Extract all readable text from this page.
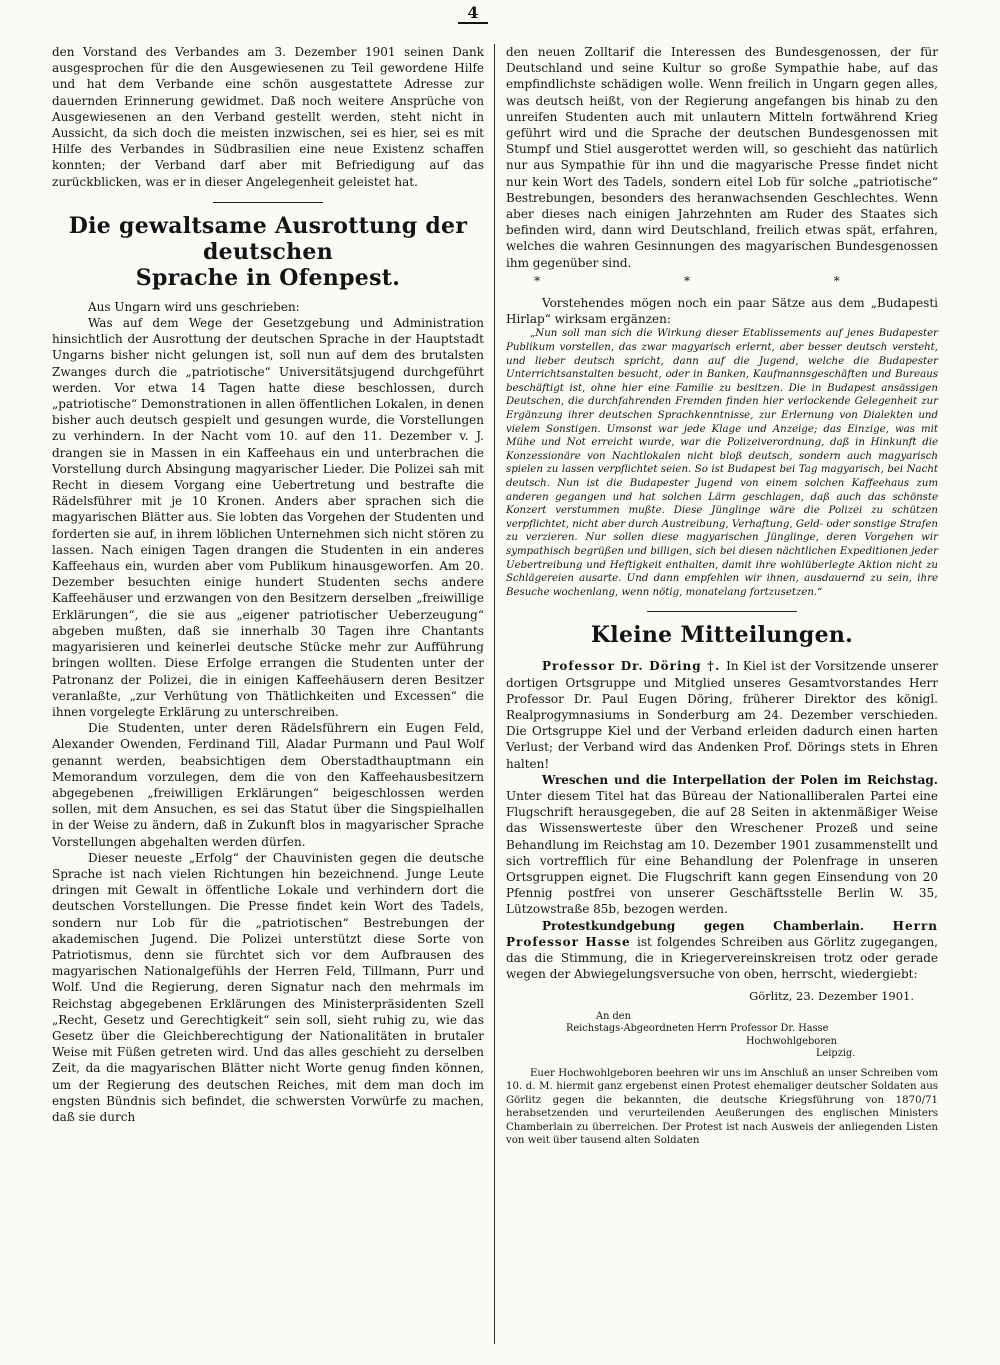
4

den Vorstand des Verbandes am 3. Dezember 1901 seinen Dank ausgesprochen für die den Ausgewiesenen zu Teil gewordene Hilfe und hat dem Verbande eine schön ausgestattete Adresse zur dauernden Erinnerung gewidmet. Daß noch weitere Ansprüche von Ausgewiesenen an den Verband gestellt werden, steht nicht in Aussicht, da sich doch die meisten inzwischen, sei es hier, sei es mit Hilfe des Verbandes in Südbrasilien eine neue Existenz schaffen konnten; der Verband darf aber mit Befriedigung auf das zurückblicken, was er in dieser Angelegenheit geleistet hat.

Die gewaltsame Ausrottung der deutschen
Sprache in Ofenpest.

Aus Ungarn wird uns geschrieben:

Was auf dem Wege der Gesetzgebung und Administration hinsichtlich der Ausrottung der deutschen Sprache in der Hauptstadt Ungarns bisher nicht gelungen ist, soll nun auf dem des brutalsten Zwanges durch die „patriotische“ Universitätsjugend durchgeführt werden. Vor etwa 14 Tagen hatte diese beschlossen, durch „patriotische“ Demonstrationen in allen öffentlichen Lokalen, in denen bisher auch deutsch gespielt und gesungen wurde, die Vorstellungen zu verhindern. In der Nacht vom 10. auf den 11. Dezember v. J. drangen sie in Massen in ein Kaffeehaus ein und unterbrachen die Vorstellung durch Absingung magyarischer Lieder. Die Polizei sah mit Recht in diesem Vorgang eine Uebertretung und bestrafte die Rädelsführer mit je 10 Kronen. Anders aber sprachen sich die magyarischen Blätter aus. Sie lobten das Vorgehen der Studenten und forderten sie auf, in ihrem löblichen Unternehmen sich nicht stören zu lassen. Nach einigen Tagen drangen die Studenten in ein anderes Kaffeehaus ein, wurden aber vom Publikum hinausgeworfen. Am 20. Dezember besuchten einige hundert Studenten sechs andere Kaffeehäuser und erzwangen von den Besitzern derselben „freiwillige Erklärungen“, die sie aus „eigener patriotischer Ueberzeugung“ abgeben mußten, daß sie innerhalb 30 Tagen ihre Chantants magyarisieren und keinerlei deutsche Stücke mehr zur Aufführung bringen wollten. Diese Erfolge errangen die Studenten unter der Patronanz der Polizei, die in einigen Kaffeehäusern deren Besitzer veranlaßte, „zur Verhütung von Thätlichkeiten und Excessen“ die ihnen vorgelegte Erklärung zu unterschreiben.

Die Studenten, unter deren Rädelsführern ein Eugen Feld, Alexander Owenden, Ferdinand Till, Aladar Purmann und Paul Wolf genannt werden, beabsichtigen dem Oberstadthauptmann ein Memorandum vorzulegen, dem die von den Kaffeehausbesitzern abgegebenen „freiwilligen Erklärungen“ beigeschlossen werden sollen, mit dem Ansuchen, es sei das Statut über die Singspielhallen in der Weise zu ändern, daß in Zukunft blos in magyarischer Sprache Vorstellungen abgehalten werden dürfen.

Dieser neueste „Erfolg“ der Chauvinisten gegen die deutsche Sprache ist nach vielen Richtungen hin bezeichnend. Junge Leute dringen mit Gewalt in öffentliche Lokale und verhindern dort die deutschen Vorstellungen. Die Presse findet kein Wort des Tadels, sondern nur Lob für die „patriotischen“ Bestrebungen der akademischen Jugend. Die Polizei unterstützt diese Sorte von Patriotismus, denn sie fürchtet sich vor dem Aufbrausen des magyarischen Nationalgefühls der Herren Feld, Tillmann, Purr und Wolf. Und die Regierung, deren Signatur nach den mehrmals im Reichstag abgegebenen Erklärungen des Ministerpräsidenten Szell „Recht, Gesetz und Gerechtigkeit“ sein soll, sieht ruhig zu, wie das Gesetz über die Gleichberechtigung der Nationalitäten in brutaler Weise mit Füßen getreten wird. Und das alles geschieht zu derselben Zeit, da die magyarischen Blätter nicht Worte genug finden können, um der Regierung des deutschen Reiches, mit dem man doch im engsten Bündnis sich befindet, die schwersten Vorwürfe zu machen, daß sie durch

den neuen Zolltarif die Interessen des Bundesgenossen, der für Deutschland und seine Kultur so große Sympathie habe, auf das empfindlichste schädigen wolle. Wenn freilich in Ungarn gegen alles, was deutsch heißt, von der Regierung angefangen bis hinab zu den unreifen Studenten auch mit unlautern Mitteln fortwährend Krieg geführt wird und die Sprache der deutschen Bundesgenossen mit Stumpf und Stiel ausgerottet werden will, so geschieht das natürlich nur aus Sympathie für ihn und die magyarische Presse findet nicht nur kein Wort des Tadels, sondern eitel Lob für solche „patriotische“ Bestrebungen, besonders des heranwachsenden Geschlechtes. Wenn aber dieses nach einigen Jahrzehnten am Ruder des Staates sich befinden wird, dann wird Deutschland, freilich etwas spät, erfahren, welches die wahren Gesinnungen des magyarischen Bundesgenossen ihm gegenüber sind.

* * *

Vorstehendes mögen noch ein paar Sätze aus dem „Budapesti Hirlap“ wirksam ergänzen:

„Nun soll man sich die Wirkung dieser Etablissements auf jenes Budapester Publikum vorstellen, das zwar magyarisch erlernt, aber besser deutsch versteht, und lieber deutsch spricht, dann auf die Jugend, welche die Budapester Unterrichtsanstalten besucht, oder in Banken, Kaufmannsgeschäften und Bureaus beschäftigt ist, ohne hier eine Familie zu besitzen. Die in Budapest ansässigen Deutschen, die durchfahrenden Fremden finden hier verlockende Gelegenheit zur Ergänzung ihrer deutschen Sprachkenntnisse, zur Erlernung von Dialekten und vielem Sonstigen. Umsonst war jede Klage und Anzeige; das Einzige, was mit Mühe und Not erreicht wurde, war die Polizeiverordnung, daß in Hinkunft die Konzessionäre von Nachtlokalen nicht bloß deutsch, sondern auch magyarisch spielen zu lassen verpflichtet seien. So ist Budapest bei Tag magyarisch, bei Nacht deutsch. Nun ist die Budapester Jugend von einem solchen Kaffeehaus zum anderen gegangen und hat solchen Lärm geschlagen, daß auch das schönste Konzert verstummen mußte. Diese Jünglinge wäre die Polizei zu schützen verpflichtet, nicht aber durch Austreibung, Verhaftung, Geld- oder sonstige Strafen zu verzieren. Nur sollen diese magyarischen Jünglinge, deren Vorgehen wir sympathisch begrüßen und billigen, sich bei diesen nächtlichen Expeditionen jeder Uebertreibung und Heftigkeit enthalten, damit ihre wohlüberlegte Aktion nicht zu Schlägereien ausarte. Und dann empfehlen wir ihnen, ausdauernd zu sein, ihre Besuche wochenlang, wenn nötig, monatelang fortzusetzen.“

Kleine Mitteilungen.

Professor Dr. Döring †. In Kiel ist der Vorsitzende unserer dortigen Ortsgruppe und Mitglied unseres Gesamtvorstandes Herr Professor Dr. Paul Eugen Döring, früherer Direktor des königl. Realprogymnasiums in Sonderburg am 24. Dezember verschieden. Die Ortsgruppe Kiel und der Verband erleiden dadurch einen harten Verlust; der Verband wird das Andenken Prof. Dörings stets in Ehren halten!

Wreschen und die Interpellation der Polen im Reichstag. Unter diesem Titel hat das Büreau der Nationalliberalen Partei eine Flugschrift herausgegeben, die auf 28 Seiten in aktenmäßiger Weise das Wissenswerteste über den Wreschener Prozeß und seine Behandlung im Reichstag am 10. Dezember 1901 zusammenstellt und sich vortrefflich für eine Behandlung der Polenfrage in unseren Ortsgruppen eignet. Die Flugschrift kann gegen Einsendung von 20 Pfennig postfrei von unserer Geschäftsstelle Berlin W. 35, Lützowstraße 85b, bezogen werden.

Protestkundgebung gegen Chamberlain. Herrn Professor Hasse ist folgendes Schreiben aus Görlitz zugegangen, das die Stimmung, die in Kriegervereinskreisen trotz oder gerade wegen der Abwiegelungsversuche von oben, herrscht, wiedergiebt:

Görlitz, 23. Dezember 1901.
An den
Reichstags-Abgeordneten Herrn Professor Dr. Hasse
Hochwohlgeboren
Leipzig.

Euer Hochwohlgeboren beehren wir uns im Anschluß an unser Schreiben vom 10. d. M. hiermit ganz ergebenst einen Protest ehemaliger deutscher Soldaten aus Görlitz gegen die bekannten, die deutsche Kriegsführung von 1870/71 herabsetzenden und verurteilenden Aeußerungen des englischen Ministers Chamberlain zu überreichen. Der Protest ist nach Ausweis der anliegenden Listen von weit über tausend alten Soldaten
